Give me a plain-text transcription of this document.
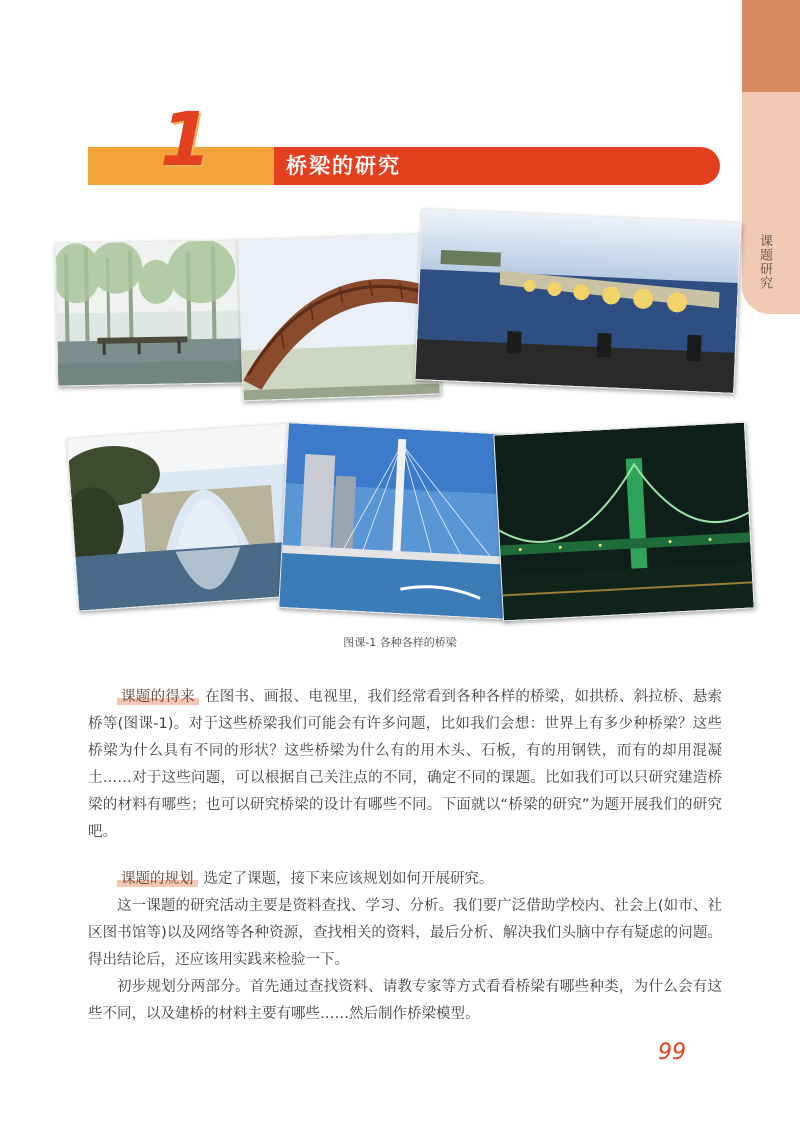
课题研究
1	桥梁的研究
图课-1 各种各样的桥梁

课题的得来 在图书、画报、电视里，我们经常看到各种各样的桥梁，如拱桥、斜拉桥、悬索桥等(图课-1)。对于这些桥梁我们可能会有许多问题，比如我们会想：世界上有多少种桥梁？这些桥梁为什么具有不同的形状？这些桥梁为什么有的用木头、石板，有的用钢铁，而有的却用混凝土……对于这些问题，可以根据自己关注点的不同，确定不同的课题。比如我们可以只研究建造桥梁的材料有哪些；也可以研究桥梁的设计有哪些不同。下面就以“桥梁的研究”为题开展我们的研究吧。

课题的规划 选定了课题，接下来应该规划如何开展研究。

这一课题的研究活动主要是资料查找、学习、分析。我们要广泛借助学校内、社会上(如市、社区图书馆等)以及网络等各种资源，查找相关的资料，最后分析、解决我们头脑中存有疑虑的问题。得出结论后，还应该用实践来检验一下。

初步规划分两部分。首先通过查找资料、请教专家等方式看看桥梁有哪些种类，为什么会有这些不同，以及建桥的材料主要有哪些……然后制作桥梁模型。

99
